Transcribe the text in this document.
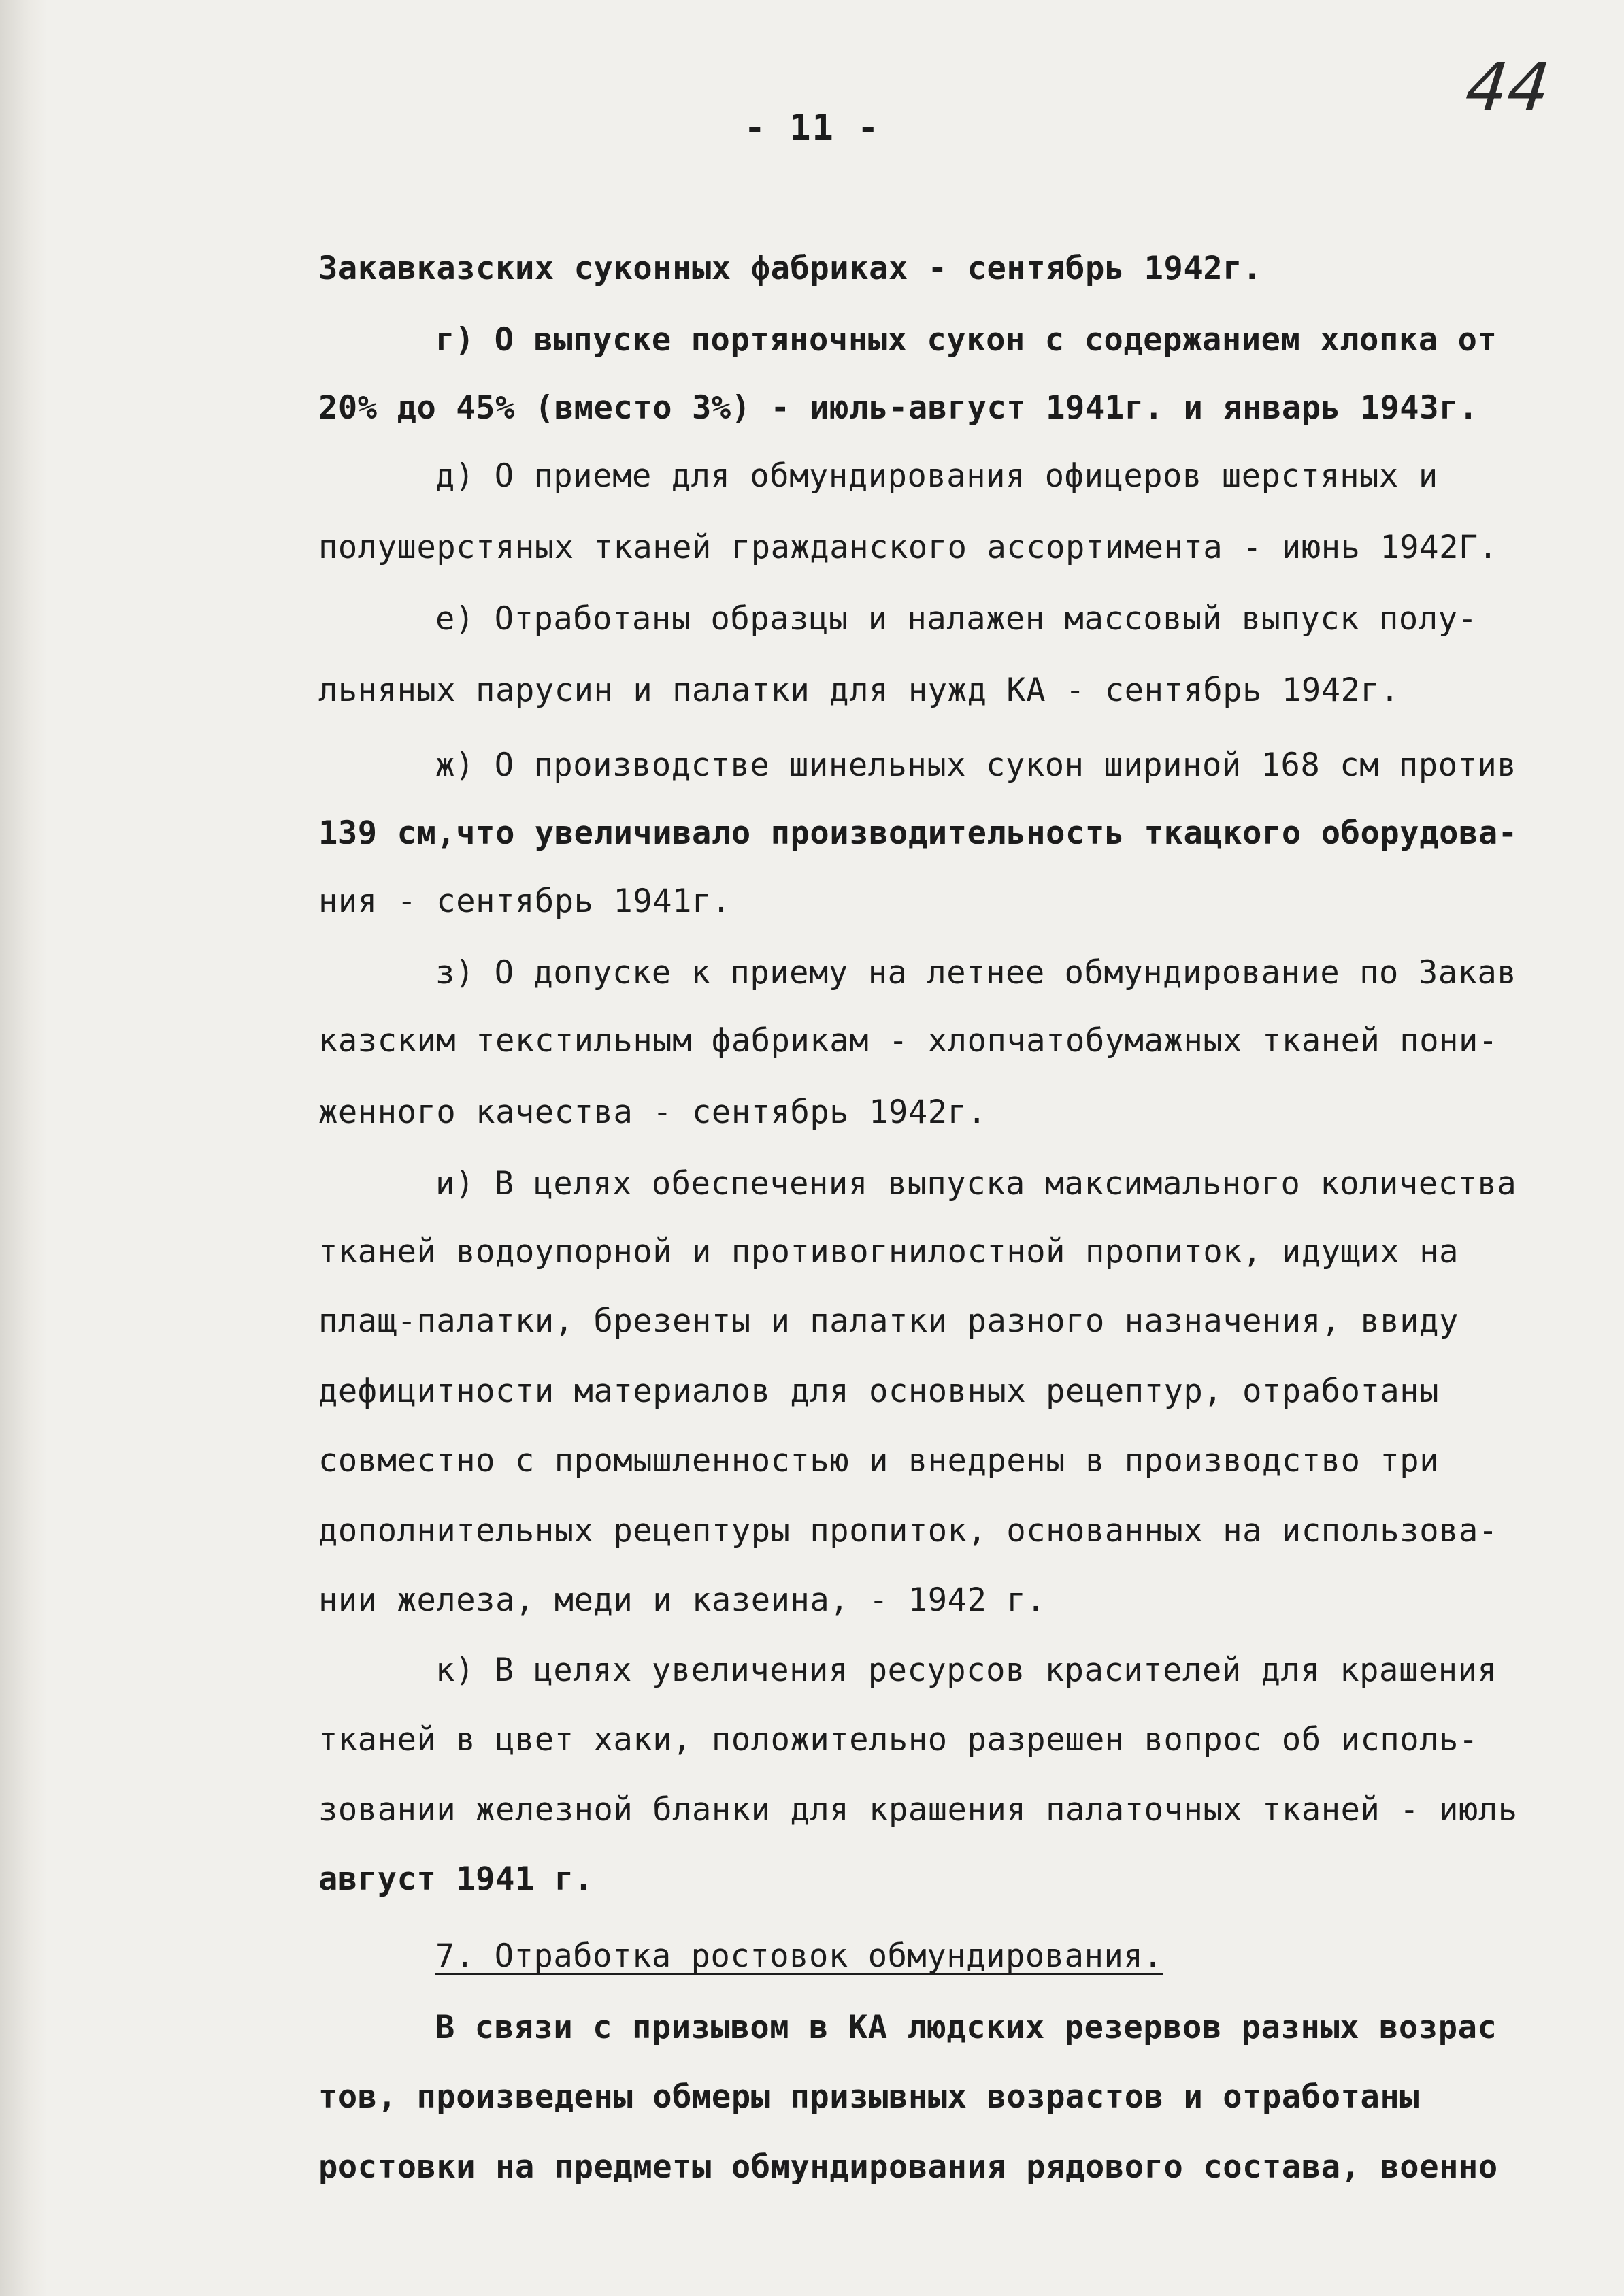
- 11 -
44
Закавказских суконных фабриках - сентябрь 1942г.
г) О выпуске портяночных сукон с содержанием хлопка от
20% до 45% (вместо 3%) - июль-август 1941г. и январь 1943г.
д) О приеме для обмундирования офицеров шерстяных и
полушерстяных тканей гражданского ассортимента - июнь 1942Г.
е) Отработаны образцы и налажен массовый выпуск полу-
льняных парусин и палатки для нужд КА - сентябрь 1942г.
ж) О производстве шинельных сукон шириной 168 см против
139 см,что увеличивало производительность ткацкого оборудова-
ния - сентябрь 1941г.
з) О допуске к приему на летнее обмундирование по Закав
казским текстильным фабрикам - хлопчатобумажных тканей пони-
женного качества - сентябрь 1942г.
и) В целях обеспечения выпуска максимального количества
тканей водоупорной и противогнилостной пропиток, идущих на
плащ-палатки, брезенты и палатки разного назначения, ввиду
дефицитности материалов для основных рецептур, отработаны
совместно с промышленностью и внедрены в производство три
дополнительных рецептуры пропиток, основанных на использова-
нии железа, меди и казеина, - 1942 г.
к) В целях увеличения ресурсов красителей для крашения
тканей в цвет хаки, положительно разрешен вопрос об исполь-
зовании железной бланки для крашения палаточных тканей - июль
август 1941 г.
7. Отработка ростовок обмундирования.
В связи с призывом в КА людских резервов разных возрас
тов, произведены обмеры призывных возрастов и отработаны
ростовки на предметы обмундирования рядового состава, военно
